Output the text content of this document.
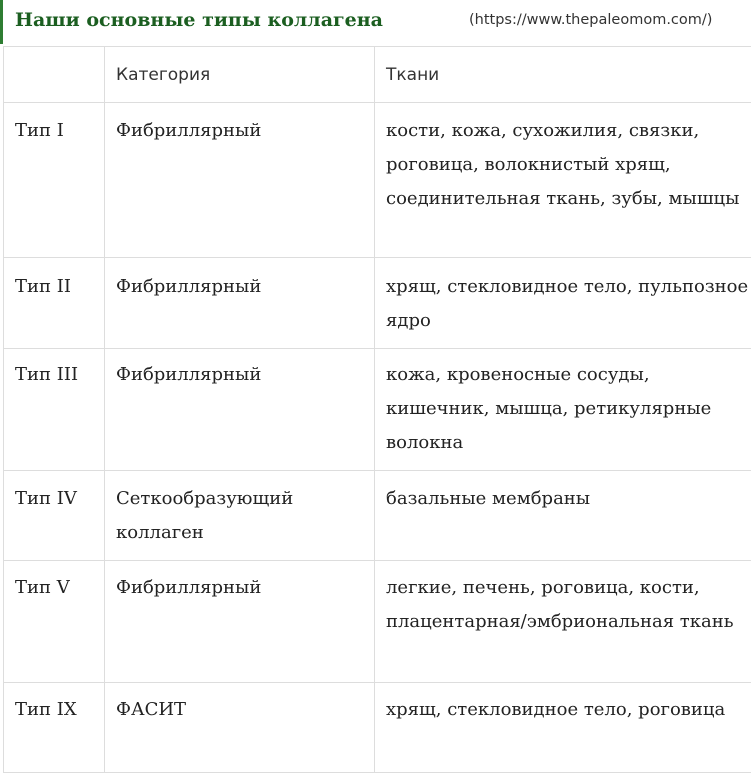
Наши основные типы коллагена	(https://www.thepaleomom.com/)
	Категория	Ткани
Тип I	Фибриллярный	кости, кожа, сухожилия, связки, роговица, волокнистый хрящ, соединительная ткань, зубы, мышцы
Тип II	Фибриллярный	хрящ, стекловидное тело, пульпозное ядро
Тип III	Фибриллярный	кожа, кровеносные сосуды, кишечник, мышца, ретикулярные волокна
Тип IV	Сеткообразующий коллаген	базальные мембраны
Тип V	Фибриллярный	легкие, печень, роговица, кости, плацентарная/эмбриональная ткань
Тип IX	ФАСИТ	хрящ, стекловидное тело, роговица
